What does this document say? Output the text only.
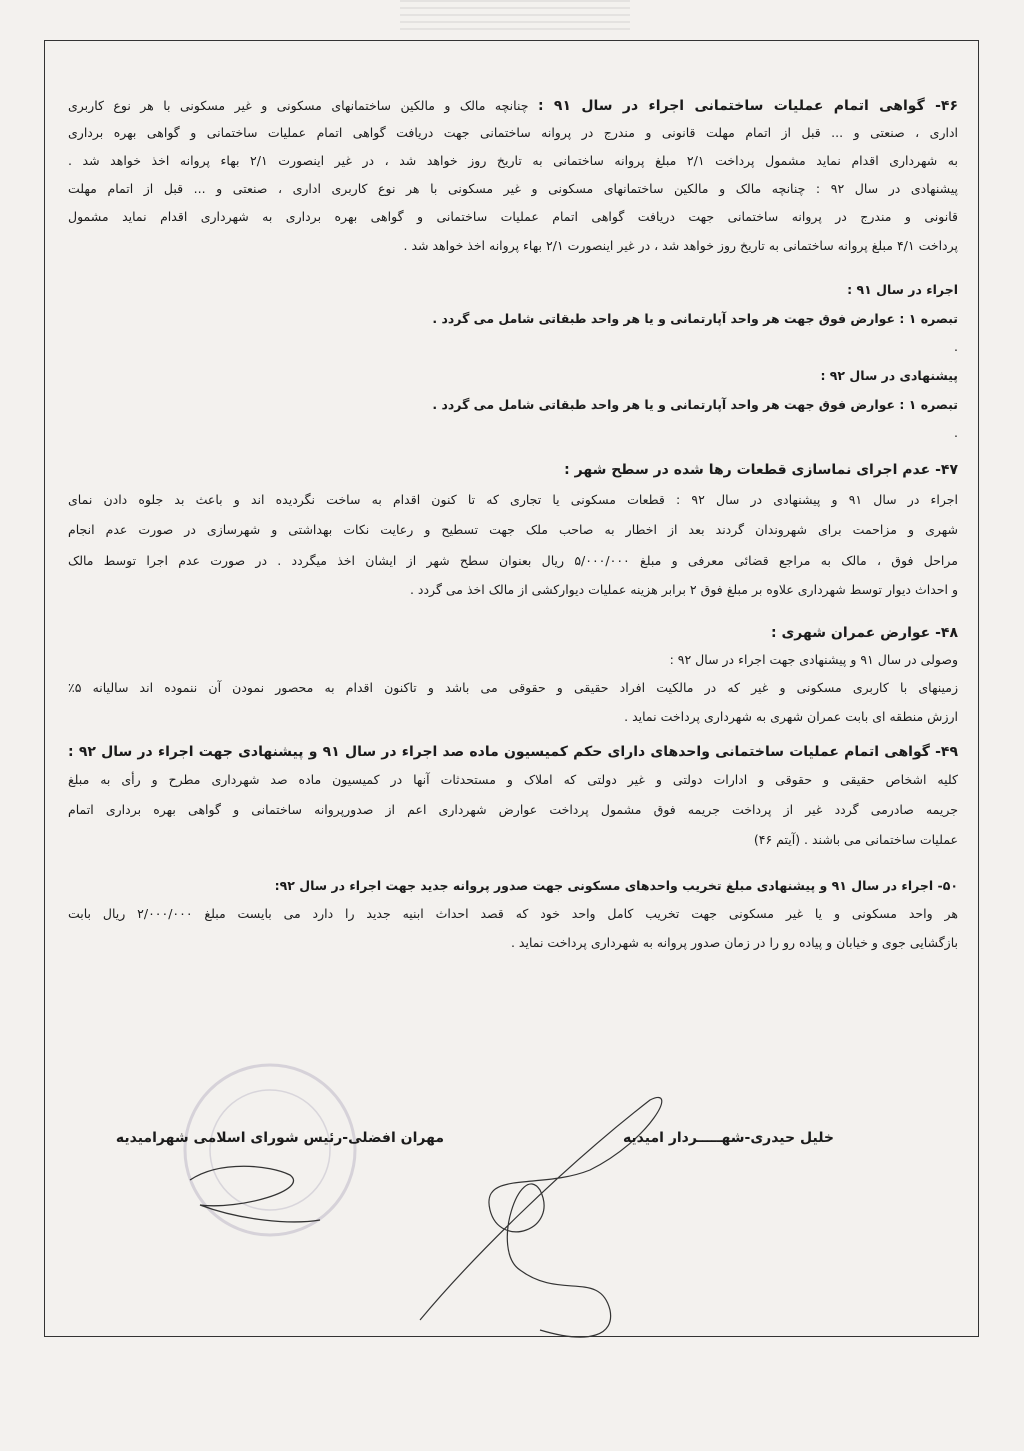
۴۶- گواهی اتمام عملیات ساختمانی اجراء در سال ۹۱ : چنانچه مالک و مالکین ساختمانهای مسکونی و غیر مسکونی با هر نوع کاربری
اداری ، صنعتی و ... قبل از اتمام مهلت قانونی و مندرج در پروانه ساختمانی جهت دریافت گواهی اتمام عملیات ساختمانی و گواهی بهره برداری
به شهرداری اقدام نماید مشمول پرداخت ۲/۱ مبلغ پروانه ساختمانی به تاریخ روز خواهد شد ، در غیر اینصورت ۲/۱ بهاء پروانه اخذ خواهد شد .
پیشنهادی در سال ۹۲ : چنانچه مالک و مالکین ساختمانهای مسکونی و غیر مسکونی با هر نوع کاربری اداری ، صنعتی و ... قبل از اتمام مهلت
قانونی و مندرج در پروانه ساختمانی جهت دریافت گواهی اتمام عملیات ساختمانی و گواهی بهره برداری به شهرداری اقدام نماید مشمول
پرداخت ۴/۱ مبلغ پروانه ساختمانی به تاریخ روز خواهد شد ، در غیر اینصورت ۲/۱ بهاء پروانه اخذ خواهد شد .
اجراء در سال ۹۱ :
تبصره ۱ : عوارض فوق جهت هر واحد آپارتمانی و یا هر واحد طبقاتی شامل می گردد .
.
پیشنهادی در سال ۹۲ :
تبصره ۱ : عوارض فوق جهت هر واحد آپارتمانی و یا هر واحد طبقاتی شامل می گردد .
.
۴۷- عدم اجرای نماسازی قطعات رها شده در سطح شهر :
اجراء در سال ۹۱ و پیشنهادی در سال ۹۲ : قطعات مسکونی یا تجاری که تا کنون اقدام به ساخت نگردیده اند و باعث بد جلوه دادن نمای
شهری و مزاحمت برای شهروندان گردند بعد از اخطار به صاحب ملک جهت تسطیح و رعایت نکات بهداشتی و شهرسازی در صورت عدم انجام
مراحل فوق ، مالک به مراجع قضائی معرفی و مبلغ ۵/۰۰۰/۰۰۰ ریال بعنوان سطح شهر از ایشان اخذ میگردد . در صورت عدم اجرا توسط مالک
و احداث دیوار توسط شهرداری علاوه بر مبلغ فوق ۲ برابر هزینه عملیات دیوارکشی از مالک اخذ می گردد .
۴۸- عوارض عمران شهری :
وصولی در سال ۹۱ و پیشنهادی جهت اجراء در سال ۹۲ :
زمینهای با کاربری مسکونی و غیر که در مالکیت افراد حقیقی و حقوقی می باشد و تاکنون اقدام به محصور نمودن آن ننموده اند سالیانه ۵٪
ارزش منطقه ای بابت عمران شهری به شهرداری پرداخت نماید .
۴۹- گواهی اتمام عملیات ساختمانی واحدهای دارای حکم کمیسیون ماده صد اجراء در سال ۹۱ و پیشنهادی جهت اجراء در سال ۹۲ :
کلیه اشخاص حقیقی و حقوقی و ادارات دولتی و غیر دولتی که املاک و مستحدثات آنها در کمیسیون ماده صد شهرداری مطرح و رأی به مبلغ
جریمه صادرمی گردد غیر از پرداخت جریمه فوق مشمول پرداخت عوارض شهرداری اعم از صدورپروانه ساختمانی و گواهی بهره برداری اتمام
عملیات ساختمانی می باشند . (آیتم ۴۶)
۵۰- اجراء در سال ۹۱ و پیشنهادی مبلغ تخریب واحدهای مسکونی جهت صدور پروانه جدید جهت اجراء در سال ۹۲:
هر واحد مسکونی و یا غیر مسکونی جهت تخریب کامل واحد خود که قصد احداث ابنیه جدید را دارد می بایست مبلغ ۲/۰۰۰/۰۰۰ ریال بابت
بازگشایی جوی و خیابان و پیاده رو را در زمان صدور پروانه به شهرداری پرداخت نماید .
خلیل حیدری-شهـــــردار امیدیه
مهران افضلی-رئیس شورای اسلامی شهرامیدیه
